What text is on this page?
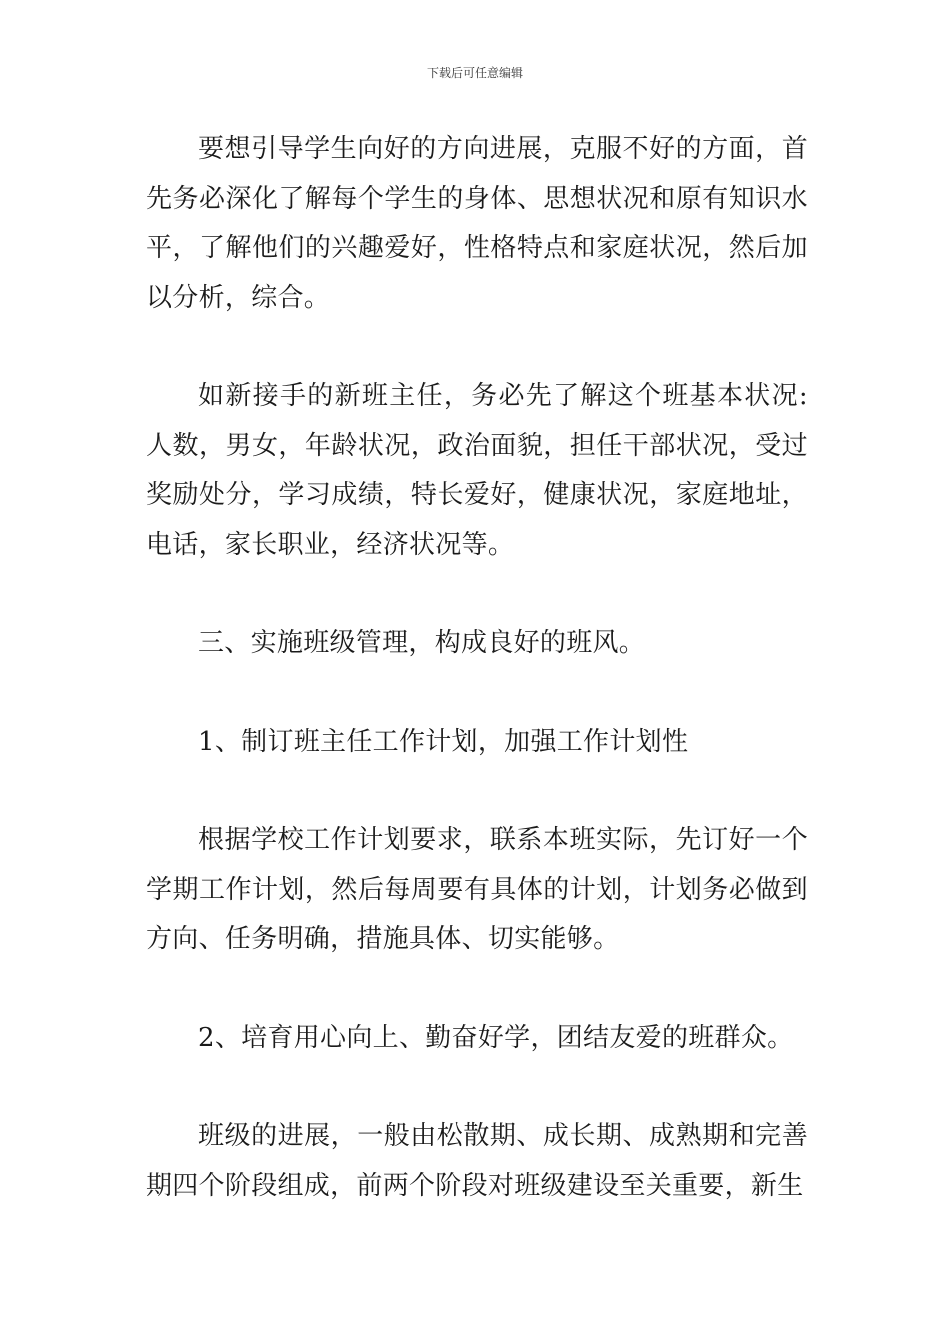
下载后可任意编辑

要想引导学生向好的方向进展，克服不好的方面，首先务必深化了解每个学生的身体、思想状况和原有知识水平，了解他们的兴趣爱好，性格特点和家庭状况，然后加以分析，综合。

如新接手的新班主任，务必先了解这个班基本状况:人数，男女，年龄状况，政治面貌，担任干部状况，受过奖励处分，学习成绩，特长爱好，健康状况，家庭地址，电话，家长职业，经济状况等。

三、实施班级管理，构成良好的班风。

1、制订班主任工作计划，加强工作计划性

根据学校工作计划要求，联系本班实际，先订好一个学期工作计划，然后每周要有具体的计划，计划务必做到方向、任务明确，措施具体、切实能够。

2、培育用心向上、勤奋好学，团结友爱的班群众。

班级的进展，一般由松散期、成长期、成熟期和完善期四个阶段组成，前两个阶段对班级建设至关重要，新生
